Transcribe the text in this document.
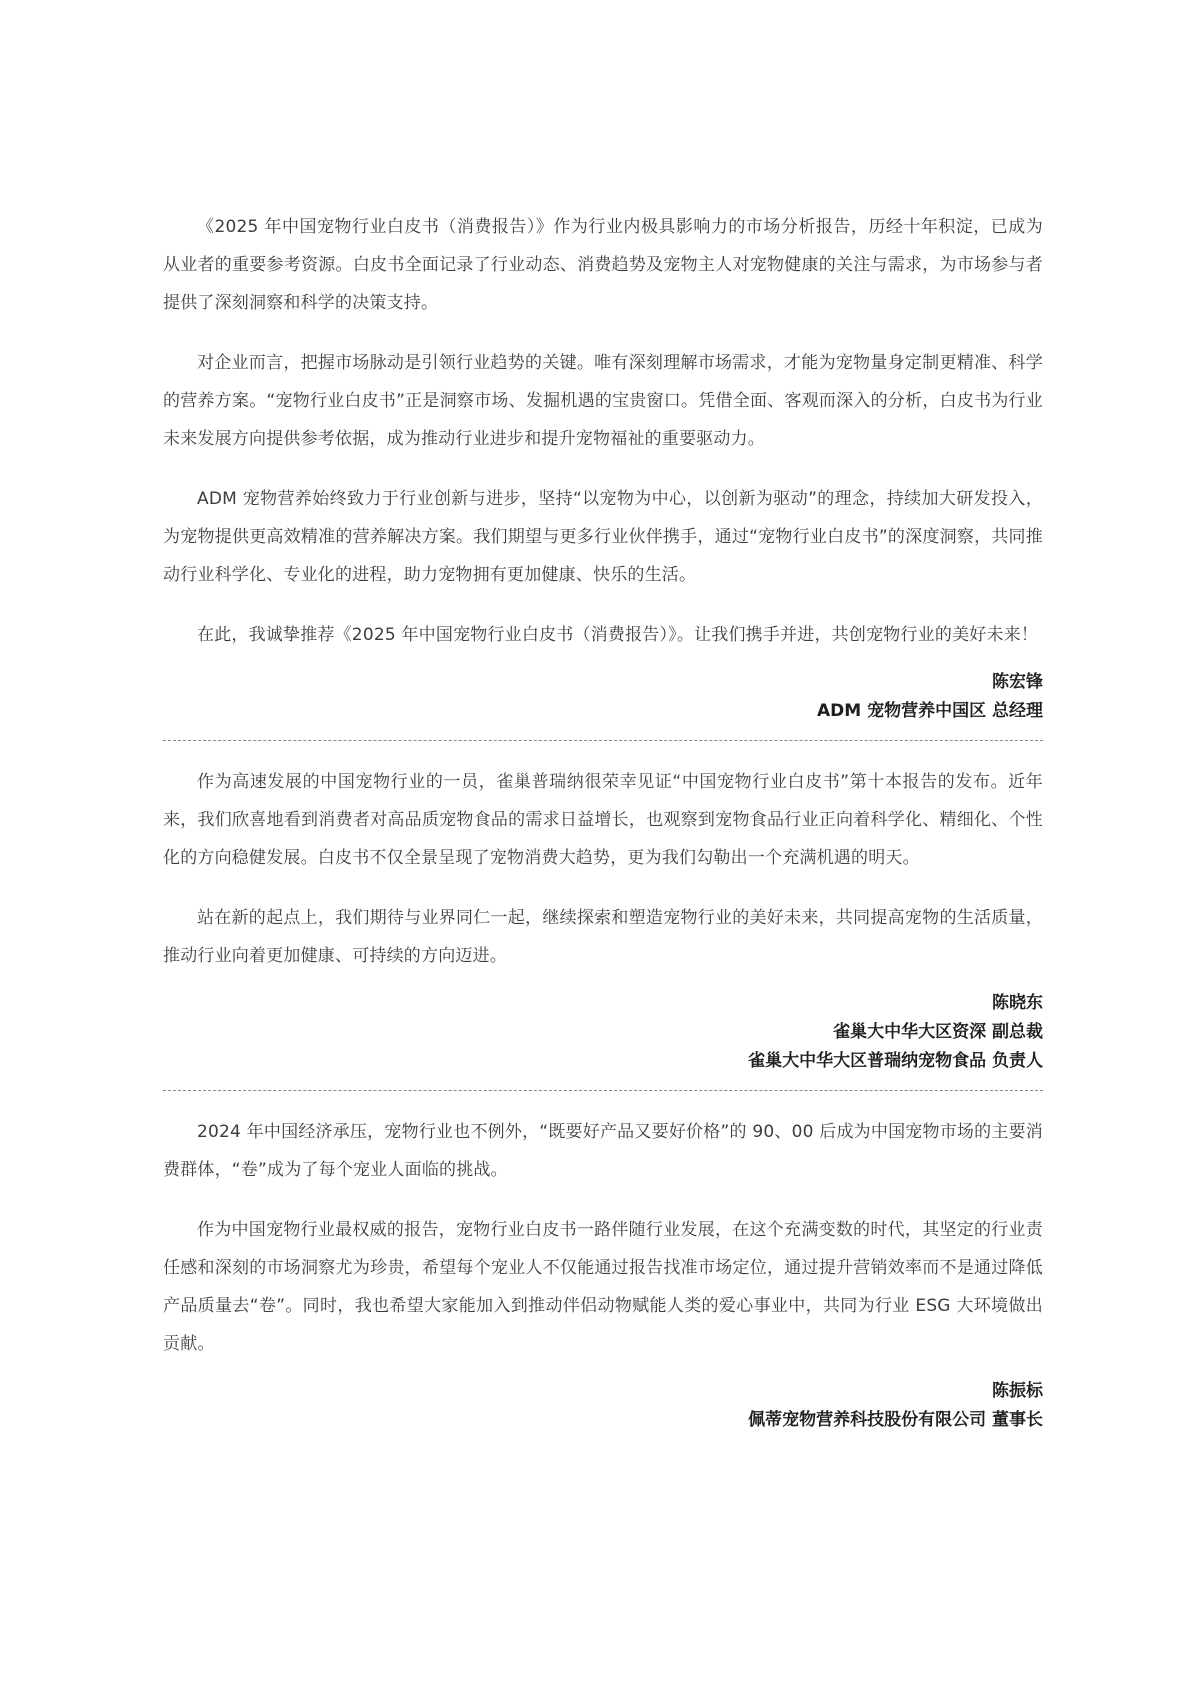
《2025 年中国宠物行业白皮书（消费报告）》作为行业内极具影响力的市场分析报告，历经十年积淀，已成为从业者的重要参考资源。白皮书全面记录了行业动态、消费趋势及宠物主人对宠物健康的关注与需求，为市场参与者提供了深刻洞察和科学的决策支持。

对企业而言，把握市场脉动是引领行业趋势的关键。唯有深刻理解市场需求，才能为宠物量身定制更精准、科学的营养方案。“宠物行业白皮书”正是洞察市场、发掘机遇的宝贵窗口。凭借全面、客观而深入的分析，白皮书为行业未来发展方向提供参考依据，成为推动行业进步和提升宠物福祉的重要驱动力。

ADM 宠物营养始终致力于行业创新与进步，坚持“以宠物为中心，以创新为驱动”的理念，持续加大研发投入，为宠物提供更高效精准的营养解决方案。我们期望与更多行业伙伴携手，通过“宠物行业白皮书”的深度洞察，共同推动行业科学化、专业化的进程，助力宠物拥有更加健康、快乐的生活。

在此，我诚挚推荐《2025 年中国宠物行业白皮书（消费报告）》。让我们携手并进，共创宠物行业的美好未来！

陈宏锋
ADM 宠物营养中国区 总经理

作为高速发展的中国宠物行业的一员，雀巢普瑞纳很荣幸见证“中国宠物行业白皮书”第十本报告的发布。近年来，我们欣喜地看到消费者对高品质宠物食品的需求日益增长，也观察到宠物食品行业正向着科学化、精细化、个性化的方向稳健发展。白皮书不仅全景呈现了宠物消费大趋势，更为我们勾勒出一个充满机遇的明天。

站在新的起点上，我们期待与业界同仁一起，继续探索和塑造宠物行业的美好未来，共同提高宠物的生活质量，推动行业向着更加健康、可持续的方向迈进。

陈晓东
雀巢大中华大区资深 副总裁
雀巢大中华大区普瑞纳宠物食品 负责人

2024 年中国经济承压，宠物行业也不例外，“既要好产品又要好价格”的 90、00 后成为中国宠物市场的主要消费群体，“卷”成为了每个宠业人面临的挑战。

作为中国宠物行业最权威的报告，宠物行业白皮书一路伴随行业发展，在这个充满变数的时代，其坚定的行业责任感和深刻的市场洞察尤为珍贵，希望每个宠业人不仅能通过报告找准市场定位，通过提升营销效率而不是通过降低产品质量去“卷”。同时，我也希望大家能加入到推动伴侣动物赋能人类的爱心事业中，共同为行业 ESG 大环境做出贡献。

陈振标
佩蒂宠物营养科技股份有限公司 董事长
